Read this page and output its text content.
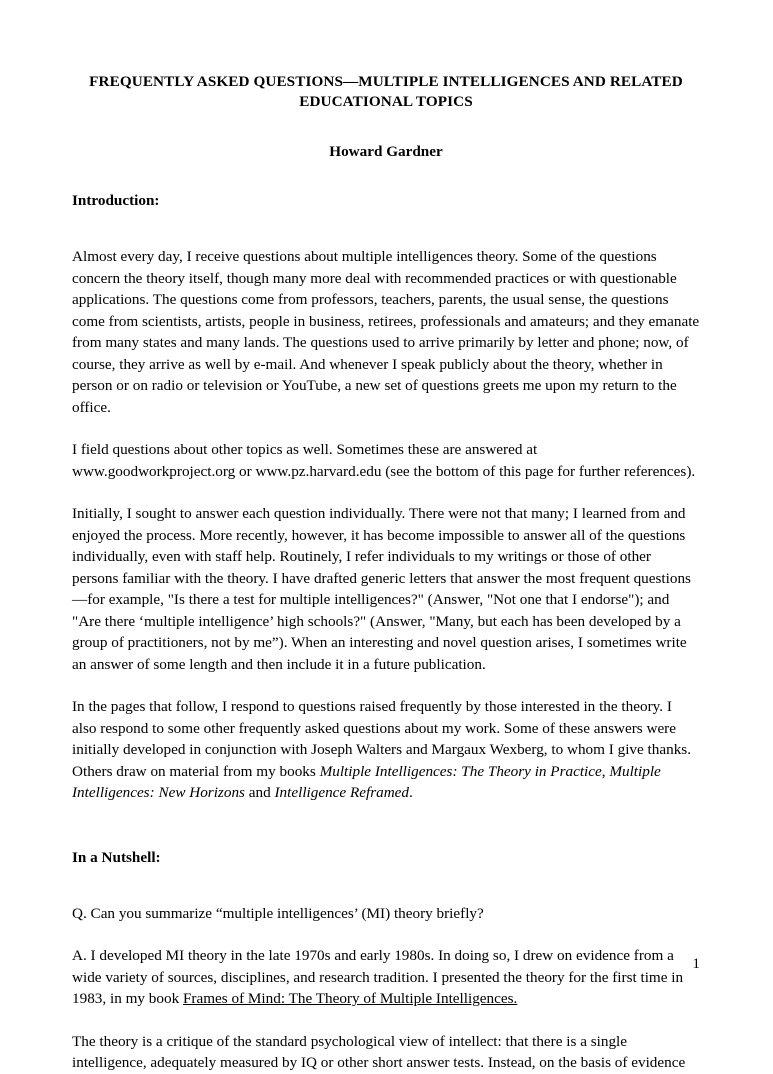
FREQUENTLY ASKED QUESTIONS—MULTIPLE INTELLIGENCES AND RELATED EDUCATIONAL TOPICS
Howard Gardner
Introduction:

Almost every day, I receive questions about multiple intelligences theory. Some of the questions concern the theory itself, though many more deal with recommended practices or with questionable applications. The questions come from professors, teachers, parents, the usual sense, the questions come from scientists, artists, people in business, retirees, professionals and amateurs; and they emanate from many states and many lands. The questions used to arrive primarily by letter and phone; now, of course, they arrive as well by e-mail. And whenever I speak publicly about the theory, whether in person or on radio or television or YouTube, a new set of questions greets me upon my return to the office.

I field questions about other topics as well. Sometimes these are answered at www.goodworkproject.org or www.pz.harvard.edu (see the bottom of this page for further references).

Initially, I sought to answer each question individually. There were not that many; I learned from and enjoyed the process. More recently, however, it has become impossible to answer all of the questions individually, even with staff help. Routinely, I refer individuals to my writings or those of other persons familiar with the theory. I have drafted generic letters that answer the most frequent questions—for example, "Is there a test for multiple intelligences?" (Answer, "Not one that I endorse"); and "Are there ‘multiple intelligence’ high schools?" (Answer, "Many, but each has been developed by a group of practitioners, not by me”). When an interesting and novel question arises, I sometimes write an answer of some length and then include it in a future publication.

In the pages that follow, I respond to questions raised frequently by those interested in the theory. I also respond to some other frequently asked questions about my work. Some of these answers were initially developed in conjunction with Joseph Walters and Margaux Wexberg, to whom I give thanks. Others draw on material from my books Multiple Intelligences: The Theory in Practice, Multiple Intelligences: New Horizons and Intelligence Reframed.

In a Nutshell:

Q. Can you summarize “multiple intelligences’ (MI) theory briefly?

A. I developed MI theory in the late 1970s and early 1980s. In doing so, I drew on evidence from a wide variety of sources, disciplines, and research tradition. I presented the theory for the first time in 1983, in my book Frames of Mind: The Theory of Multiple Intelligences.

The theory is a critique of the standard psychological view of intellect: that there is a single intelligence, adequately measured by IQ or other short answer tests. Instead, on the basis of evidence

1
